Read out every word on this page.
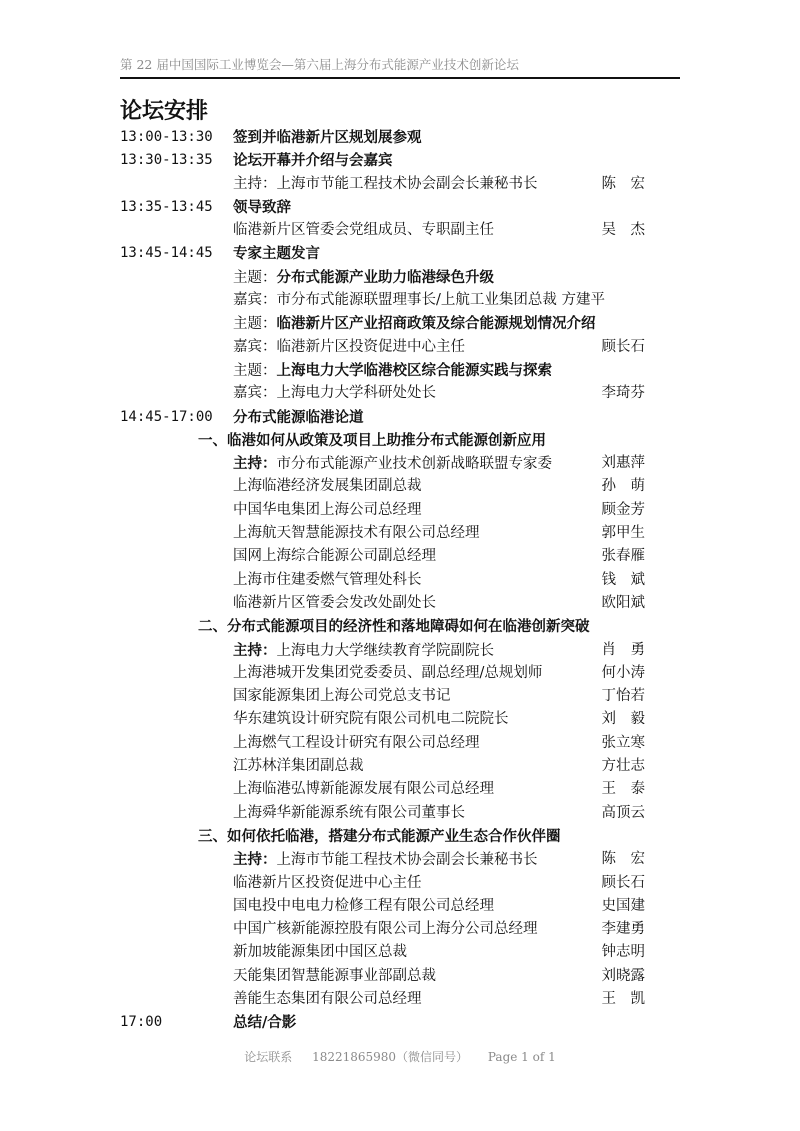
第 22 届中国国际工业博览会—第六届上海分布式能源产业技术创新论坛
论坛安排
13:00-13:30 签到并临港新片区规划展参观
13:30-13:35 论坛开幕并介绍与会嘉宾
主持：上海市节能工程技术协会副会长兼秘书长	陈　宏
13:35-13:45 领导致辞
临港新片区管委会党组成员、专职副主任	吴　杰
13:45-14:45 专家主题发言
主题：分布式能源产业助力临港绿色升级
嘉宾：市分布式能源联盟理事长/上航工业集团总裁 方建平
主题：临港新片区产业招商政策及综合能源规划情况介绍
嘉宾：临港新片区投资促进中心主任	顾长石
主题：上海电力大学临港校区综合能源实践与探索
嘉宾：上海电力大学科研处处长	李琦芬
14:45-17:00 分布式能源临港论道
一、临港如何从政策及项目上助推分布式能源创新应用
主持：市分布式能源产业技术创新战略联盟专家委	刘惠萍
上海临港经济发展集团副总裁	孙　萌
中国华电集团上海公司总经理	顾金芳
上海航天智慧能源技术有限公司总经理	郭甲生
国网上海综合能源公司副总经理	张春雁
上海市住建委燃气管理处科长	钱　斌
临港新片区管委会发改处副处长	欧阳斌
二、分布式能源项目的经济性和落地障碍如何在临港创新突破
主持：上海电力大学继续教育学院副院长	肖　勇
上海港城开发集团党委委员、副总经理/总规划师	何小涛
国家能源集团上海公司党总支书记	丁怡若
华东建筑设计研究院有限公司机电二院院长	刘　毅
上海燃气工程设计研究有限公司总经理	张立寒
江苏林洋集团副总裁	方壮志
上海临港弘博新能源发展有限公司总经理	王　泰
上海舜华新能源系统有限公司董事长	高顶云
三、如何依托临港，搭建分布式能源产业生态合作伙伴圈
主持：上海市节能工程技术协会副会长兼秘书长	陈　宏
临港新片区投资促进中心主任	顾长石
国电投中电电力检修工程有限公司总经理	史国建
中国广核新能源控股有限公司上海分公司总经理	李建勇
新加坡能源集团中国区总裁	钟志明
天能集团智慧能源事业部副总裁	刘晓露
善能生态集团有限公司总经理	王　凯
17:00	总结/合影
论坛联系 18221865980（微信同号） Page 1 of 1
